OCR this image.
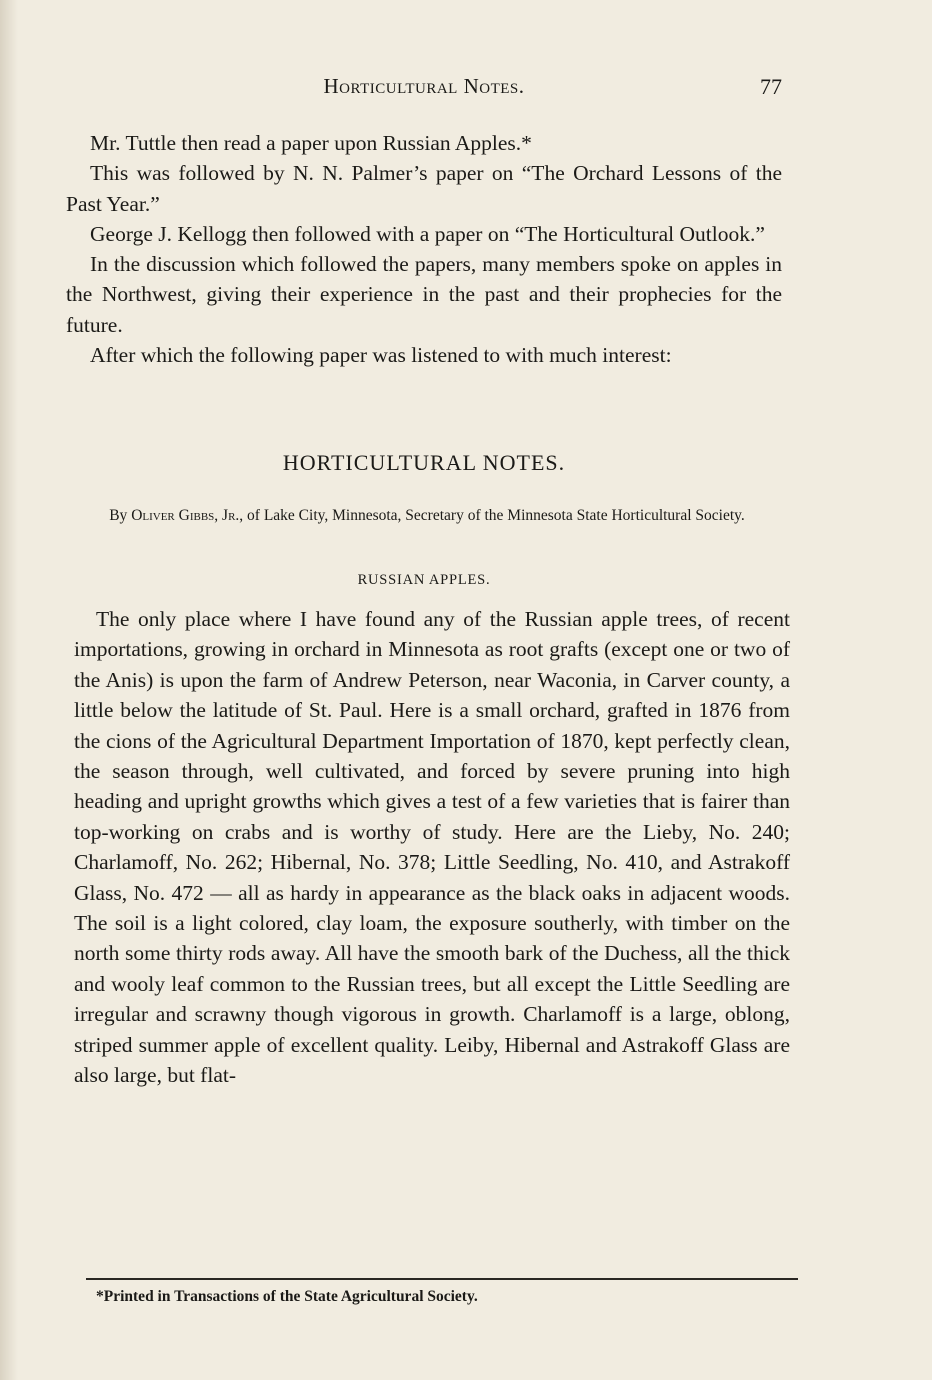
Horticultural Notes.	77

Mr. Tuttle then read a paper upon Russian Apples.*

This was followed by N. N. Palmer’s paper on “The Orchard Lessons of the Past Year.”

George J. Kellogg then followed with a paper on “The Horticultural Outlook.”

In the discussion which followed the papers, many members spoke on apples in the Northwest, giving their experience in the past and their prophecies for the future.

After which the following paper was listened to with much interest:

HORTICULTURAL NOTES.
By Oliver Gibbs, Jr., of Lake City, Minnesota, Secretary of the Minnesota State Horticultural Society.
RUSSIAN APPLES.

The only place where I have found any of the Russian apple trees, of recent importations, growing in orchard in Minnesota as root grafts (except one or two of the Anis) is upon the farm of Andrew Peterson, near Waconia, in Carver county, a little below the latitude of St. Paul. Here is a small orchard, grafted in 1876 from the cions of the Agricultural Department Importation of 1870, kept perfectly clean, the season through, well cultivated, and forced by severe pruning into high heading and upright growths which gives a test of a few varieties that is fairer than top-working on crabs and is worthy of study. Here are the Lieby, No. 240; Charlamoff, No. 262; Hibernal, No. 378; Little Seedling, No. 410, and Astrakoff Glass, No. 472 — all as hardy in appearance as the black oaks in adjacent woods. The soil is a light colored, clay loam, the exposure southerly, with timber on the north some thirty rods away. All have the smooth bark of the Duchess, all the thick and wooly leaf common to the Russian trees, but all except the Little Seedling are irregular and scrawny though vigorous in growth. Charlamoff is a large, oblong, striped summer apple of excellent quality. Leiby, Hibernal and Astrakoff Glass are also large, but flat-

*Printed in Transactions of the State Agricultural Society.
